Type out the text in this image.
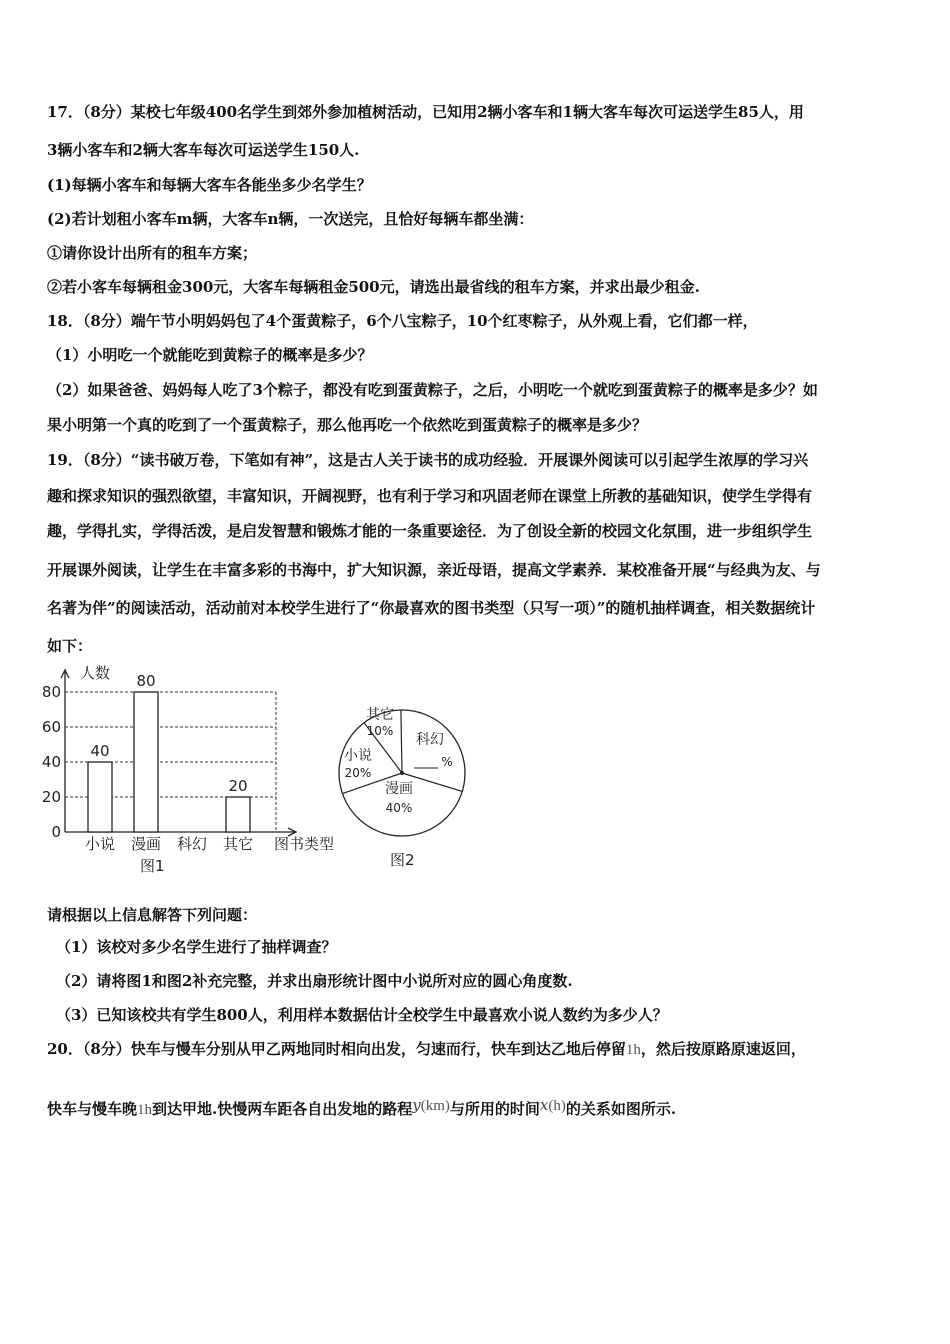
17．（8分）某校七年级400名学生到郊外参加植树活动，已知用2辆小客车和1辆大客车每次可运送学生85人，用
3辆小客车和2辆大客车每次可运送学生150人.
(1)每辆小客车和每辆大客车各能坐多少名学生？
(2)若计划租小客车m辆，大客车n辆，一次送完，且恰好每辆车都坐满：
①请你设计出所有的租车方案；
②若小客车每辆租金300元，大客车每辆租金500元，请选出最省线的租车方案，并求出最少租金.
18．（8分）端午节小明妈妈包了4个蛋黄粽子，6个八宝粽子，10个红枣粽子，从外观上看，它们都一样，
（1）小明吃一个就能吃到黄粽子的概率是多少？
（2）如果爸爸、妈妈每人吃了3个粽子，都没有吃到蛋黄粽子，之后，小明吃一个就吃到蛋黄粽子的概率是多少？如
果小明第一个真的吃到了一个蛋黄粽子，那么他再吃一个依然吃到蛋黄粽子的概率是多少？
19．（8分）“读书破万卷，下笔如有神”，这是古人关于读书的成功经验．开展课外阅读可以引起学生浓厚的学习兴
趣和探求知识的强烈欲望，丰富知识，开阔视野，也有利于学习和巩固老师在课堂上所教的基础知识，使学生学得有
趣，学得扎实，学得活泼，是启发智慧和锻炼才能的一条重要途径．为了创设全新的校园文化氛围，进一步组织学生
开展课外阅读，让学生在丰富多彩的书海中，扩大知识源，亲近母语，提高文学素养．某校准备开展“与经典为友、与
名著为伴”的阅读活动，活动前对本校学生进行了“你最喜欢的图书类型（只写一项）”的随机抽样调查，相关数据统计
如下：
40
80
20
0
20
40
60
80
小说 漫画 科幻 其它
人数
图书类型
图1
其它
10%
科幻
%
漫画
40%
小说
20%
图2
请根据以上信息解答下列问题：
（1）该校对多少名学生进行了抽样调查？
（2）请将图1和图2补充完整，并求出扇形统计图中小说所对应的圆心角度数.
（3）已知该校共有学生800人，利用样本数据估计全校学生中最喜欢小说人数约为多少人？
20．（8分）快车与慢车分别从甲乙两地同时相向出发，匀速而行，快车到达乙地后停留1h，然后按原路原速返回，
快车与慢车晚1h到达甲地.快慢两车距各自出发地的路程y(km)与所用的时间x(h)的关系如图所示.
